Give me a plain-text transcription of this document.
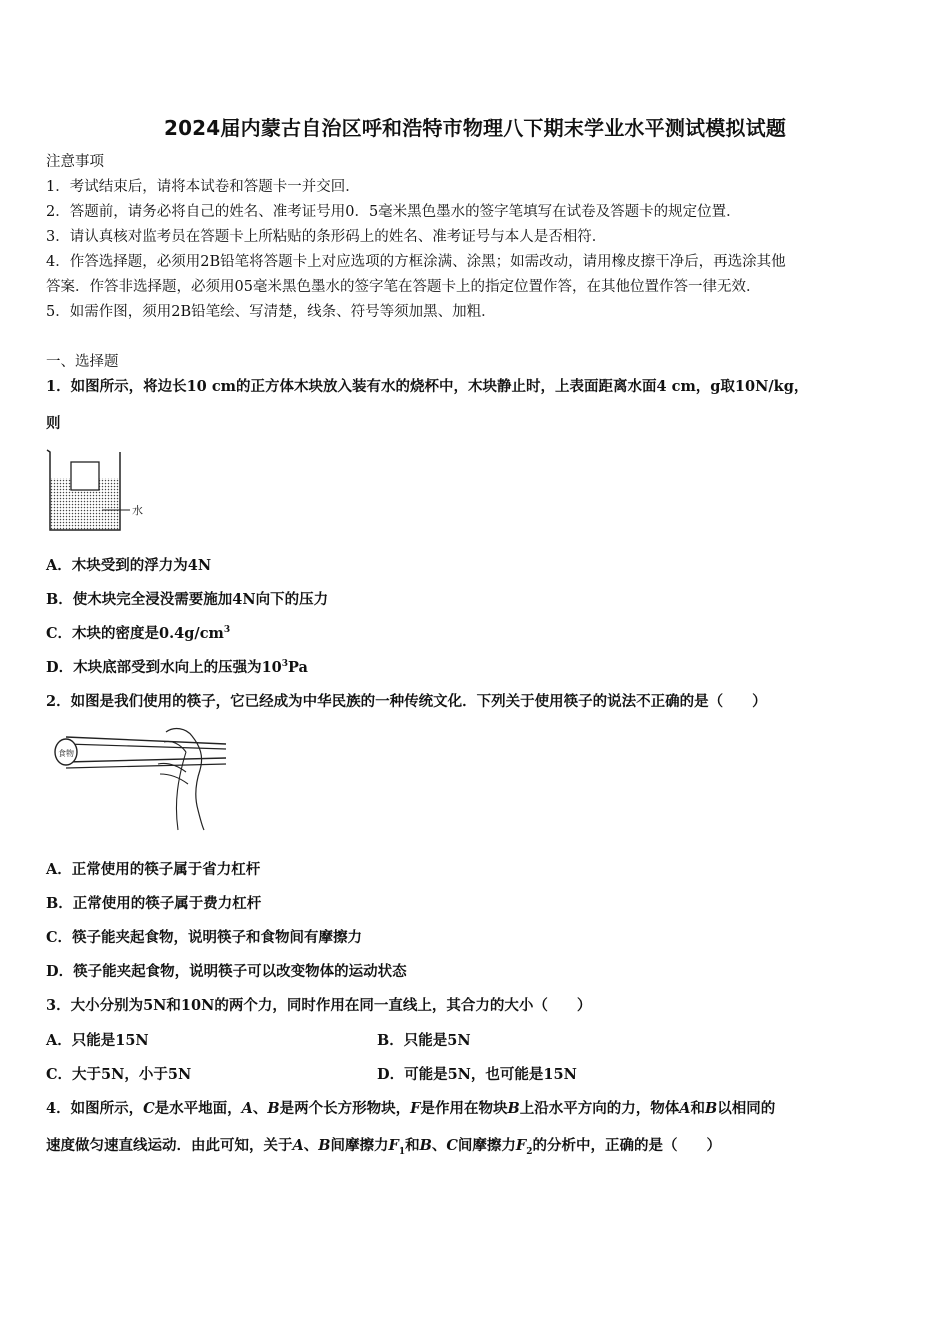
2024届内蒙古自治区呼和浩特市物理八下期末学业水平测试模拟试题
注意事项
1．考试结束后，请将本试卷和答题卡一并交回．
2．答题前，请务必将自己的姓名、准考证号用0．5毫米黑色墨水的签字笔填写在试卷及答题卡的规定位置．
3．请认真核对监考员在答题卡上所粘贴的条形码上的姓名、准考证号与本人是否相符．
4．作答选择题，必须用2B铅笔将答题卡上对应选项的方框涂满、涂黑；如需改动，请用橡皮擦干净后，再选涂其他
答案．作答非选择题，必须用05毫米黑色墨水的签字笔在答题卡上的指定位置作答，在其他位置作答一律无效．
5．如需作图，须用2B铅笔绘、写清楚，线条、符号等须加黑、加粗．
一、选择题
1．如图所示，将边长10 cm的正方体木块放入装有水的烧杯中，木块静止时，上表面距离水面4 cm，g取10N/kg，
则
水
A．木块受到的浮力为4N
B．使木块完全浸没需要施加4N向下的压力
C．木块的密度是$0.4g/cm^3$
D．木块底部受到水向上的压强为$10^3Pa$
2．如图是我们使用的筷子，它已经成为中华民族的一种传统文化．下列关于使用筷子的说法不正确的是（　　）
食物
A．正常使用的筷子属于省力杠杆
B．正常使用的筷子属于费力杠杆
C．筷子能夹起食物，说明筷子和食物间有摩擦力
D．筷子能夹起食物，说明筷子可以改变物体的运动状态
3．大小分别为5N和10N的两个力，同时作用在同一直线上，其合力的大小（　　）
A．只能是15N	B．只能是5N
C．大于5N，小于5N	D．可能是5N，也可能是15N
4．如图所示，C是水平地面，A、B是两个长方形物块，F是作用在物块B上沿水平方向的力，物体A和B以相同的
速度做匀速直线运动．由此可知，关于A、B间摩擦力$F_1$和B、C间摩擦力$F_2$的分析中，正确的是（　　）
